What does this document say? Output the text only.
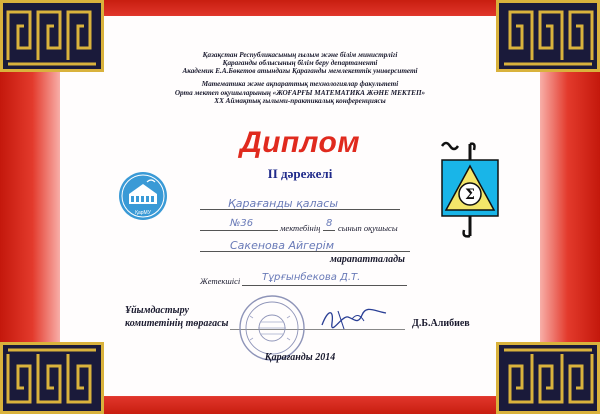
Қазақстан Республикасының ғылым және білім министрлігі
Қарағанды облысының білім беру департаменті
Академик Е.А.Бөкетов атындағы Қарағанды мемлекеттік университеті
Математика және ақпараттық технологиялар факультеті
Орта мектеп оқушыларының «ЖОҒАРҒЫ МАТЕМАТИКА ЖӘНЕ МЕКТЕП»
ХХ Аймақтық ғылыми-практикалық конференциясы
Диплом
II дәрежелі
ҚарМУ
Σ
Қарағанды қаласы
№36	мектебінің 8 сынып оқушысы
Сакенова Айгерім
марапатталады
Жетекшісі Тұрғынбекова Д.Т.
Ұйымдастыру
комитетінің төрағасы	Д.Б.Алибиев
Қарағанды 2014
